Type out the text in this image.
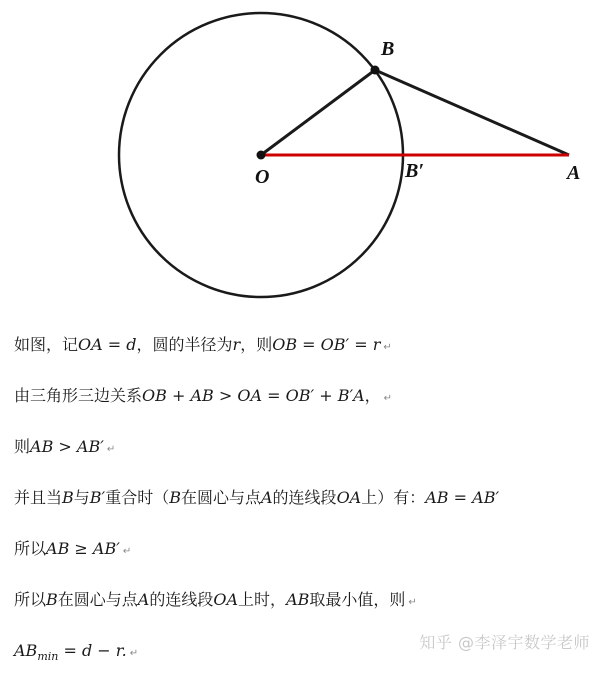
O
B
B′	A
如图，记OA = d，圆的半径为r，则OB = OB′ = r ↵
由三角形三边关系OB + AB > OA = OB′ + B′A， ↵
则AB > AB′ ↵
并且当B与B′重合时（B在圆心与点A的连线段OA上）有：AB = AB′
所以AB ≥ AB′ ↵
所以B在圆心与点A的连线段OA上时，AB取最小值，则 ↵
$AB_{min} = d - r$. ↵
知乎 @李泽宇数学老师
